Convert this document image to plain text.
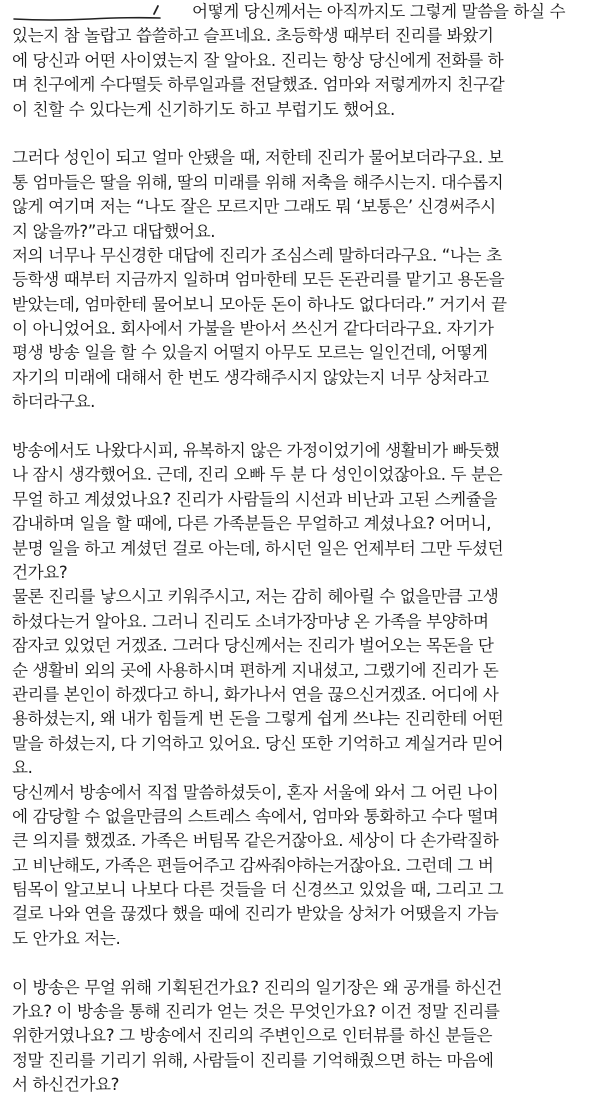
어떻게 당신께서는 아직까지도 그렇게 말씀을 하실 수
있는지 참 놀랍고 씁쓸하고 슬프네요. 초등학생 때부터 진리를 봐왔기
에 당신과 어떤 사이였는지 잘 알아요. 진리는 항상 당신에게 전화를 하
며 친구에게 수다떨듯 하루일과를 전달했죠. 엄마와 저렇게까지 친구같
이 친할 수 있다는게 신기하기도 하고 부럽기도 했어요.
그러다 성인이 되고 얼마 안됐을 때, 저한테 진리가 물어보더라구요. 보
통 엄마들은 딸을 위해, 딸의 미래를 위해 저축을 해주시는지. 대수롭지
않게 여기며 저는 “나도 잘은 모르지만 그래도 뭐 ‘보통은’ 신경써주시
지 않을까?”라고 대답했어요.
저의 너무나 무신경한 대답에 진리가 조심스레 말하더라구요. “나는 초
등학생 때부터 지금까지 일하며 엄마한테 모든 돈관리를 맡기고 용돈을
받았는데, 엄마한테 물어보니 모아둔 돈이 하나도 없다더라.” 거기서 끝
이 아니었어요. 회사에서 가불을 받아서 쓰신거 같다더라구요. 자기가
평생 방송 일을 할 수 있을지 어떨지 아무도 모르는 일인건데, 어떻게
자기의 미래에 대해서 한 번도 생각해주시지 않았는지 너무 상처라고
하더라구요.
방송에서도 나왔다시피, 유복하지 않은 가정이었기에 생활비가 빠듯했
나 잠시 생각했어요. 근데, 진리 오빠 두 분 다 성인이었잖아요. 두 분은
무얼 하고 계셨었나요? 진리가 사람들의 시선과 비난과 고된 스케쥴을
감내하며 일을 할 때에, 다른 가족분들은 무얼하고 계셨나요? 어머니,
분명 일을 하고 계셨던 걸로 아는데, 하시던 일은 언제부터 그만 두셨던
건가요?
물론 진리를 낳으시고 키워주시고, 저는 감히 헤아릴 수 없을만큼 고생
하셨다는거 알아요. 그러니 진리도 소녀가장마냥 온 가족을 부양하며
잠자코 있었던 거겠죠. 그러다 당신께서는 진리가 벌어오는 목돈을 단
순 생활비 외의 곳에 사용하시며 편하게 지내셨고, 그랬기에 진리가 돈
관리를 본인이 하겠다고 하니, 화가나서 연을 끊으신거겠죠. 어디에 사
용하셨는지, 왜 내가 힘들게 번 돈을 그렇게 쉽게 쓰냐는 진리한테 어떤
말을 하셨는지, 다 기억하고 있어요. 당신 또한 기억하고 계실거라 믿어
요.
당신께서 방송에서 직접 말씀하셨듯이, 혼자 서울에 와서 그 어린 나이
에 감당할 수 없을만큼의 스트레스 속에서, 엄마와 통화하고 수다 떨며
큰 의지를 했겠죠. 가족은 버팀목 같은거잖아요. 세상이 다 손가락질하
고 비난해도, 가족은 편들어주고 감싸줘야하는거잖아요. 그런데 그 버
팀목이 알고보니 나보다 다른 것들을 더 신경쓰고 있었을 때, 그리고 그
걸로 나와 연을 끊겠다 했을 때에 진리가 받았을 상처가 어땠을지 가늠
도 안가요 저는.
이 방송은 무얼 위해 기획된건가요? 진리의 일기장은 왜 공개를 하신건
가요? 이 방송을 통해 진리가 얻는 것은 무엇인가요? 이건 정말 진리를
위한거였나요? 그 방송에서 진리의 주변인으로 인터뷰를 하신 분들은
정말 진리를 기리기 위해, 사람들이 진리를 기억해줬으면 하는 마음에
서 하신건가요?
